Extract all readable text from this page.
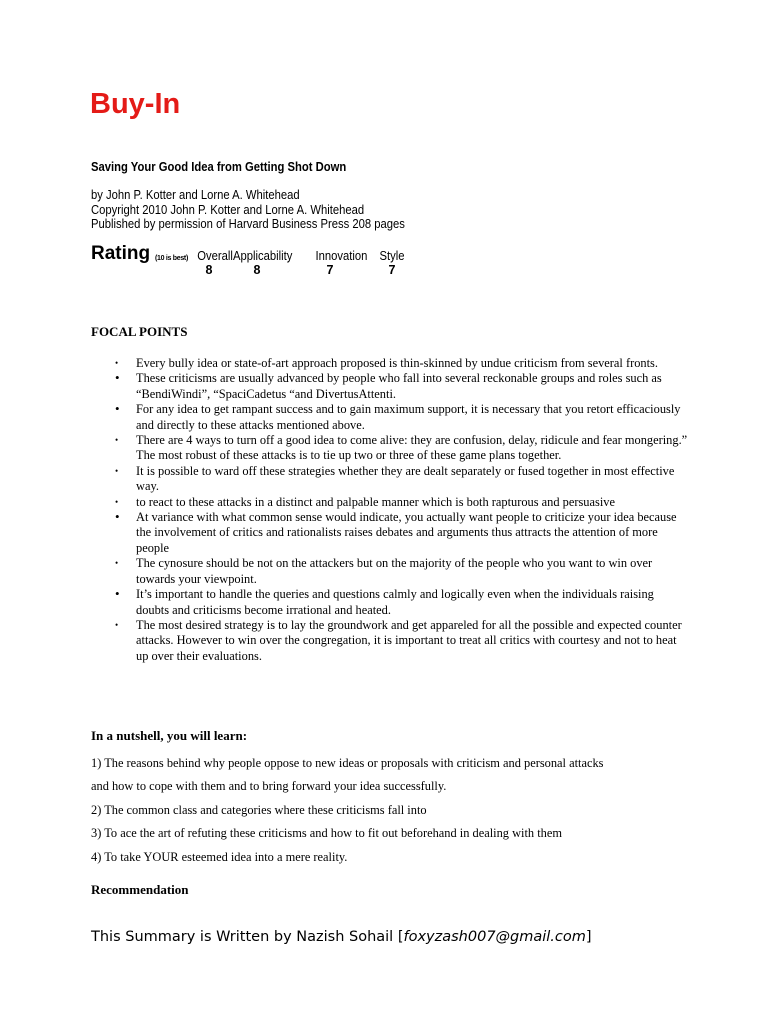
Buy-In
Saving Your Good Idea from Getting Shot Down
by John P. Kotter and Lorne A. Whitehead
Copyright 2010 John P. Kotter and Lorne A. Whitehead
Published by permission of Harvard Business Press 208 pages
Rating (10 is best) Overall
8
Applicability
8
Innovation
7
Style
7
FOCAL POINTS
• Every bully idea or state-of-art approach proposed is thin-skinned by undue criticism from several fronts.
• These criticisms are usually advanced by people who fall into several reckonable groups and roles such as “BendiWindi”, “SpaciCadetus “and DivertusAttenti.
• For any idea to get rampant success and to gain maximum support, it is necessary that you retort efficaciously and directly to these attacks mentioned above.
• There are 4 ways to turn off a good idea to come alive: they are confusion, delay, ridicule and fear mongering.” The most robust of these attacks is to tie up two or three of these game plans together.
• It is possible to ward off these strategies whether they are dealt separately or fused together in most effective way.
• to react to these attacks in a distinct and palpable manner which is both rapturous and persuasive
• At variance with what common sense would indicate, you actually want people to criticize your idea because the involvement of critics and rationalists raises debates and arguments thus attracts the attention of more people
• The cynosure should be not on the attackers but on the majority of the people who you want to win over towards your viewpoint.
• It’s important to handle the queries and questions calmly and logically even when the individuals raising doubts and criticisms become irrational and heated.
• The most desired strategy is to lay the groundwork and get appareled for all the possible and expected counter attacks. However to win over the congregation, it is important to treat all critics with courtesy and not to heat up over their evaluations.
In a nutshell, you will learn:
1) The reasons behind why people oppose to new ideas or proposals with criticism and personal attacks
and how to cope with them and to bring forward your idea successfully.
2) The common class and categories where these criticisms fall into
3) To ace the art of refuting these criticisms and how to fit out beforehand in dealing with them
4) To take YOUR esteemed idea into a mere reality.
Recommendation
This Summary is Written by Nazish Sohail [foxyzash007@gmail.com]
